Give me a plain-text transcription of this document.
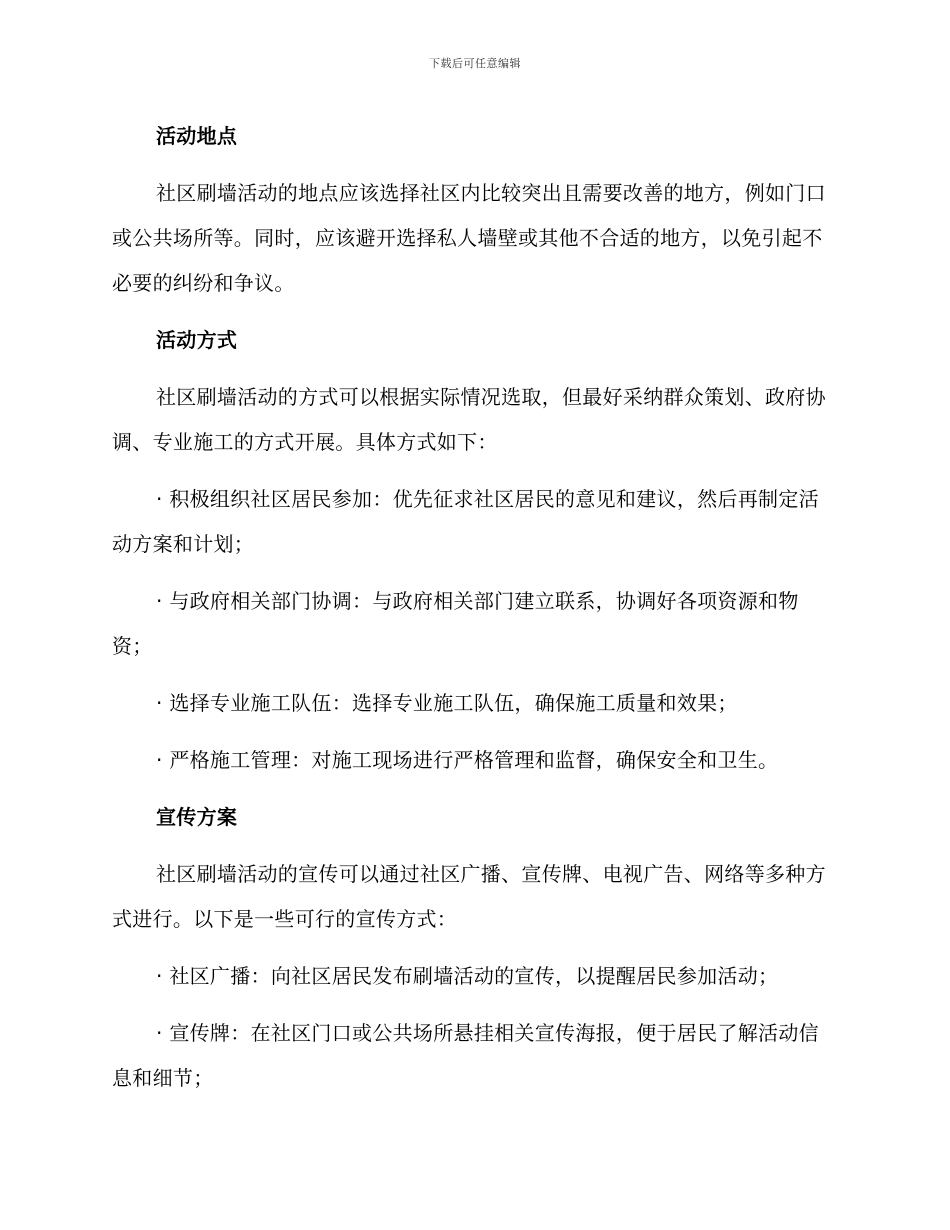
下载后可任意编辑
活动地点
社区刷墙活动的地点应该选择社区内比较突出且需要改善的地方，例如门口或公共场所等。同时，应该避开选择私人墙壁或其他不合适的地方，以免引起不必要的纠纷和争议。
活动方式
社区刷墙活动的方式可以根据实际情况选取，但最好采纳群众策划、政府协调、专业施工的方式开展。具体方式如下：
· 积极组织社区居民参加：优先征求社区居民的意见和建议，然后再制定活动方案和计划；
· 与政府相关部门协调：与政府相关部门建立联系，协调好各项资源和物资；
· 选择专业施工队伍：选择专业施工队伍，确保施工质量和效果；
· 严格施工管理：对施工现场进行严格管理和监督，确保安全和卫生。
宣传方案
社区刷墙活动的宣传可以通过社区广播、宣传牌、电视广告、网络等多种方式进行。以下是一些可行的宣传方式：
· 社区广播：向社区居民发布刷墙活动的宣传，以提醒居民参加活动；
· 宣传牌：在社区门口或公共场所悬挂相关宣传海报，便于居民了解活动信息和细节；
